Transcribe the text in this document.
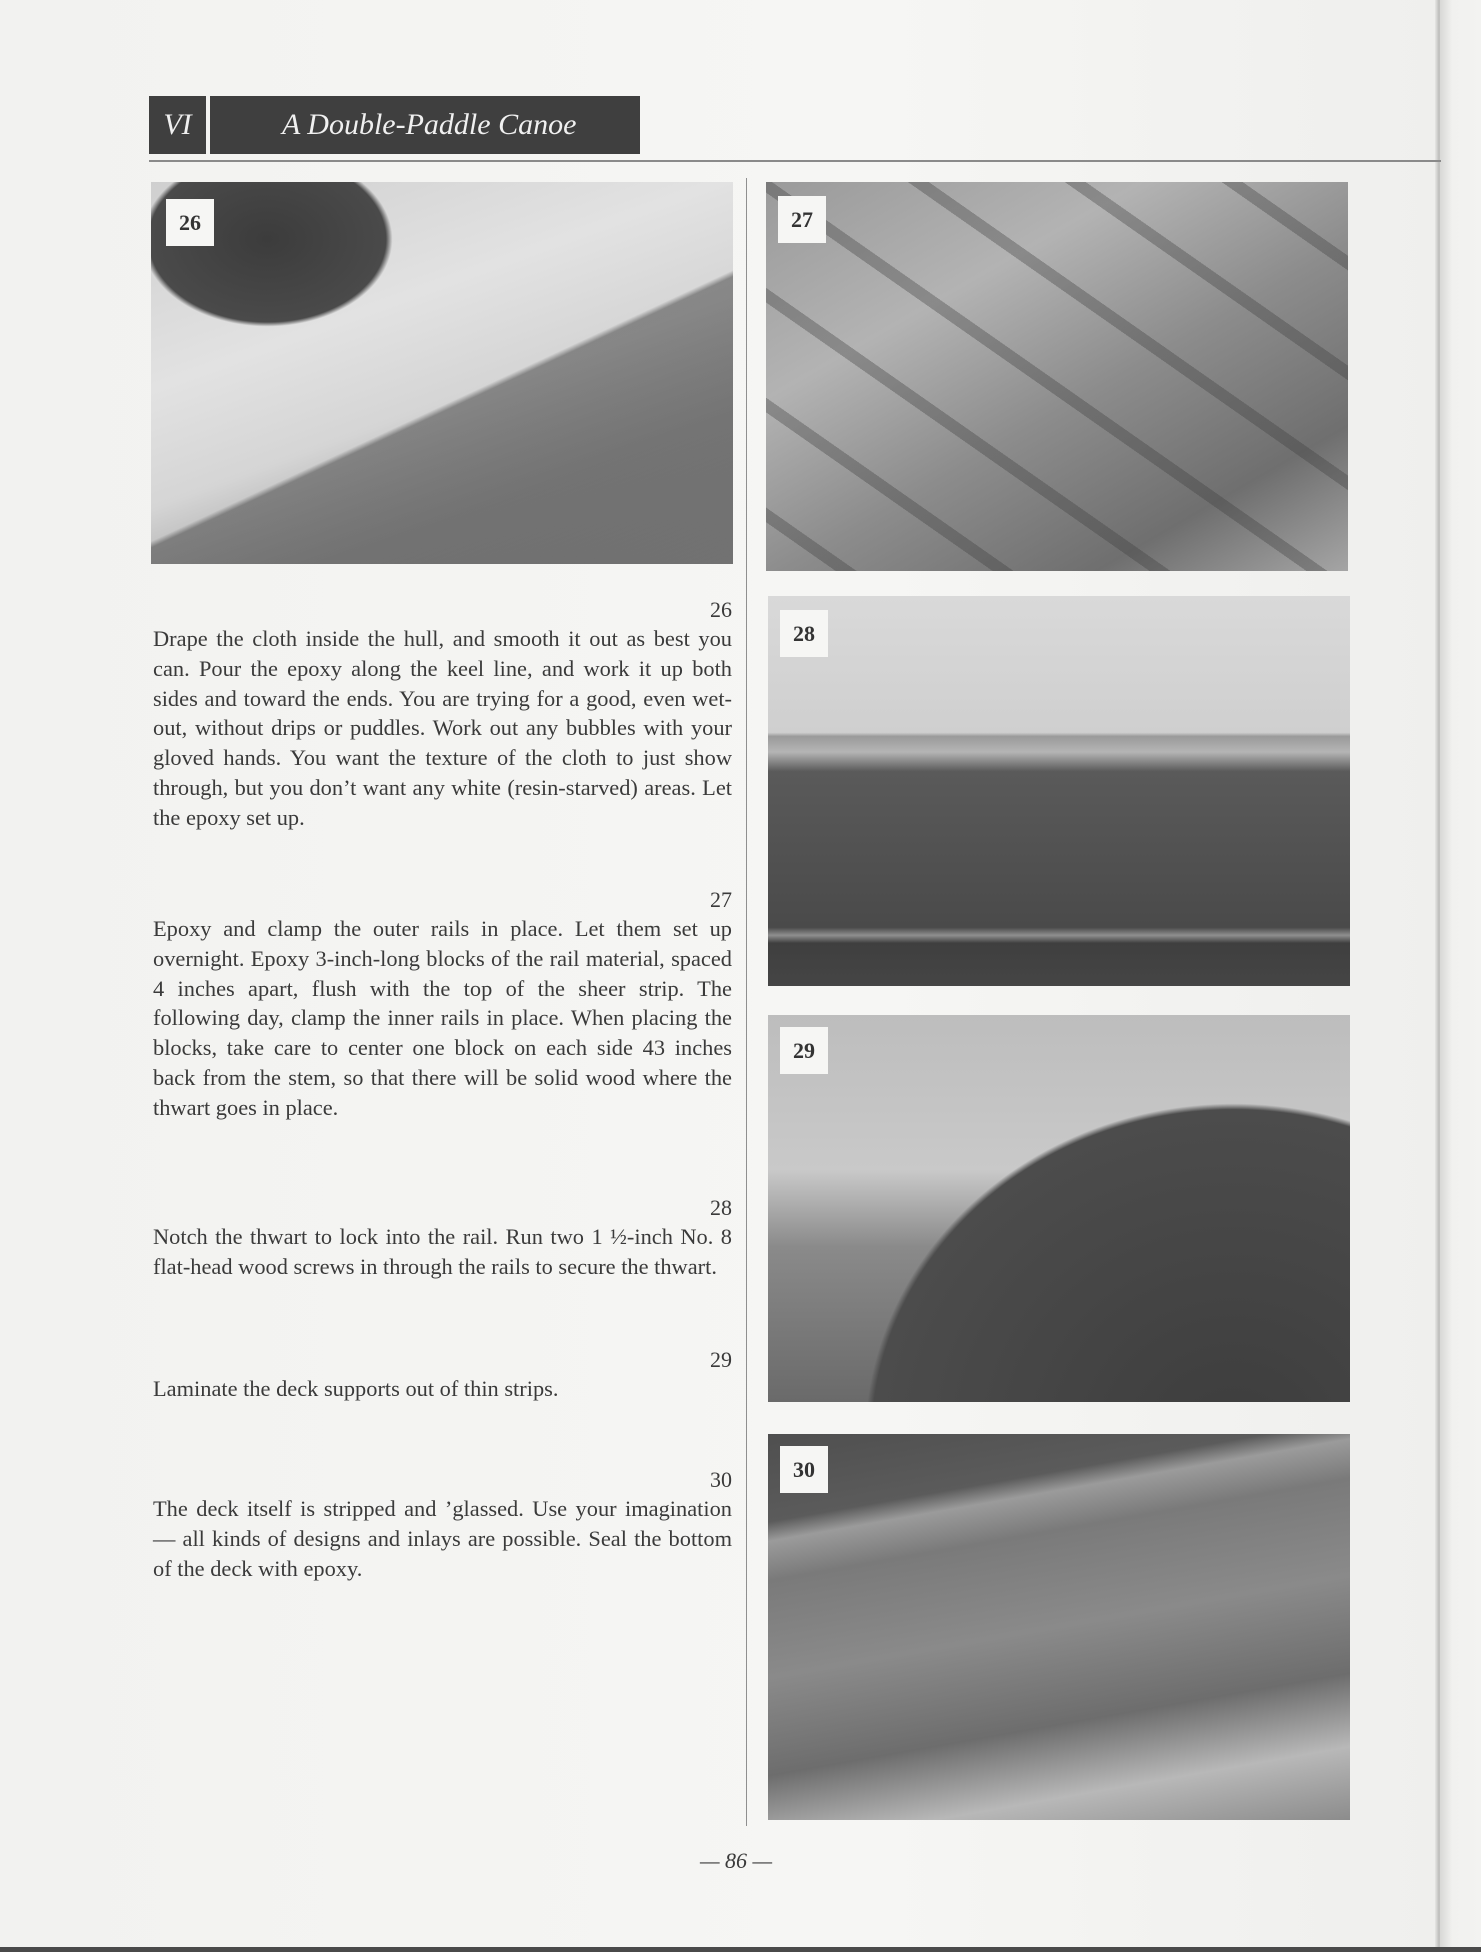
VI	A Double-Paddle Canoe
26	27
28
29
30

26

Drape the cloth inside the hull, and smooth it out as best you can. Pour the epoxy along the keel line, and work it up both sides and toward the ends. You are trying for a good, even wet-out, without drips or puddles. Work out any bubbles with your gloved hands. You want the texture of the cloth to just show through, but you don’t want any white (resin-starved) areas. Let the epoxy set up.

27

Epoxy and clamp the outer rails in place. Let them set up overnight. Epoxy 3-inch-long blocks of the rail material, spaced 4 inches apart, flush with the top of the sheer strip. The following day, clamp the inner rails in place. When placing the blocks, take care to center one block on each side 43 inches back from the stem, so that there will be solid wood where the thwart goes in place.

28

Notch the thwart to lock into the rail. Run two 1 ½-inch No. 8 flat-head wood screws in through the rails to secure the thwart.

29

Laminate the deck supports out of thin strips.

30

The deck itself is stripped and ’glassed. Use your imagination — all kinds of designs and inlays are possible. Seal the bottom of the deck with epoxy.

— 86 —
